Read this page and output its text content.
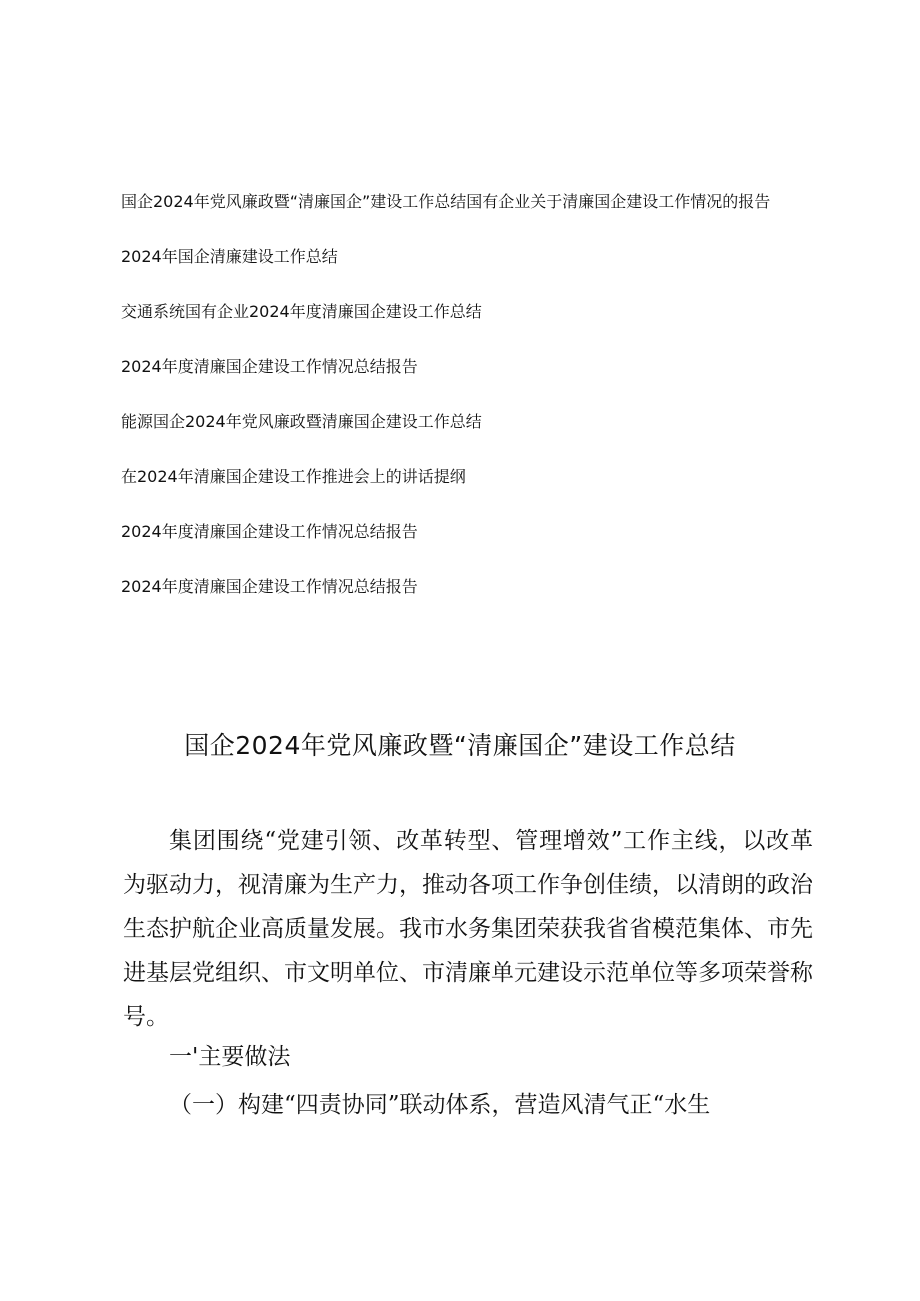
国企2024年党风廉政暨“清廉国企”建设工作总结国有企业关于清廉国企建设工作情况的报告

2024年国企清廉建设工作总结

交通系统国有企业2024年度清廉国企建设工作总结

2024年度清廉国企建设工作情况总结报告

能源国企2024年党风廉政暨清廉国企建设工作总结

在2024年清廉国企建设工作推进会上的讲话提纲

2024年度清廉国企建设工作情况总结报告

2024年度清廉国企建设工作情况总结报告

国企2024年党风廉政暨“清廉国企”建设工作总结

集团围绕“党建引领、改革转型、管理增效”工作主线，以改革为驱动力，视清廉为生产力，推动各项工作争创佳绩，以清朗的政治生态护航企业高质量发展。我市水务集团荣获我省省模范集体、市先进基层党组织、市文明单位、市清廉单元建设示范单位等多项荣誉称号。

一'主要做法

（一）构建“四责协同”联动体系，营造风清气正“水生
